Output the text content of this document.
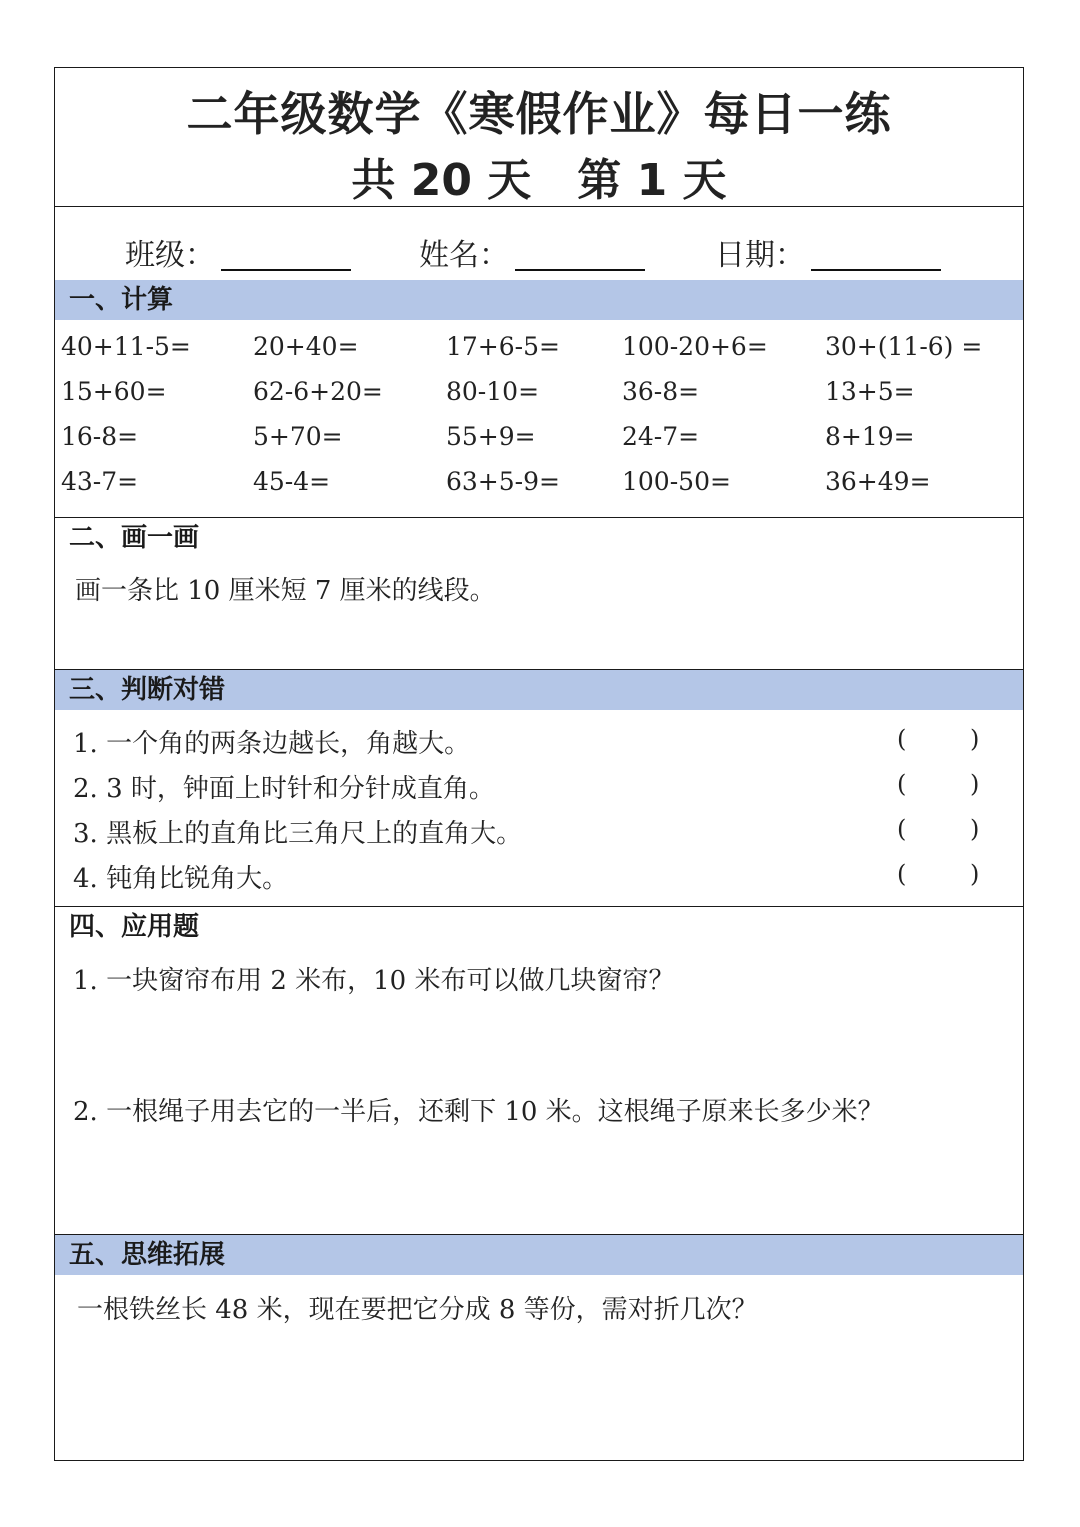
二年级数学《寒假作业》每日一练
共 20 天 第 1 天
班级：	姓名：	日期：
一、计算
40+11-5= 20+40=	17+6-5= 100-20+6= 30+(11-6) =
15+60=	62-6+20=	80-10=	36-8=	13+5=
16-8=	5+70=	55+9=	24-7=	8+19=
43-7=	45-4=	63+5-9= 100-50=	36+49=
二、画一画
画一条比 10 厘米短 7 厘米的线段。
三、判断对错
1. 一个角的两条边越长，角越大。	(	)
2. 3 时，钟面上时针和分针成直角。	(	)
3. 黑板上的直角比三角尺上的直角大。	(	)
4. 钝角比锐角大。	(	)
四、应用题
1. 一块窗帘布用 2 米布，10 米布可以做几块窗帘？
2. 一根绳子用去它的一半后，还剩下 10 米。这根绳子原来长多少米？
五、思维拓展
一根铁丝长 48 米，现在要把它分成 8 等份，需对折几次？
